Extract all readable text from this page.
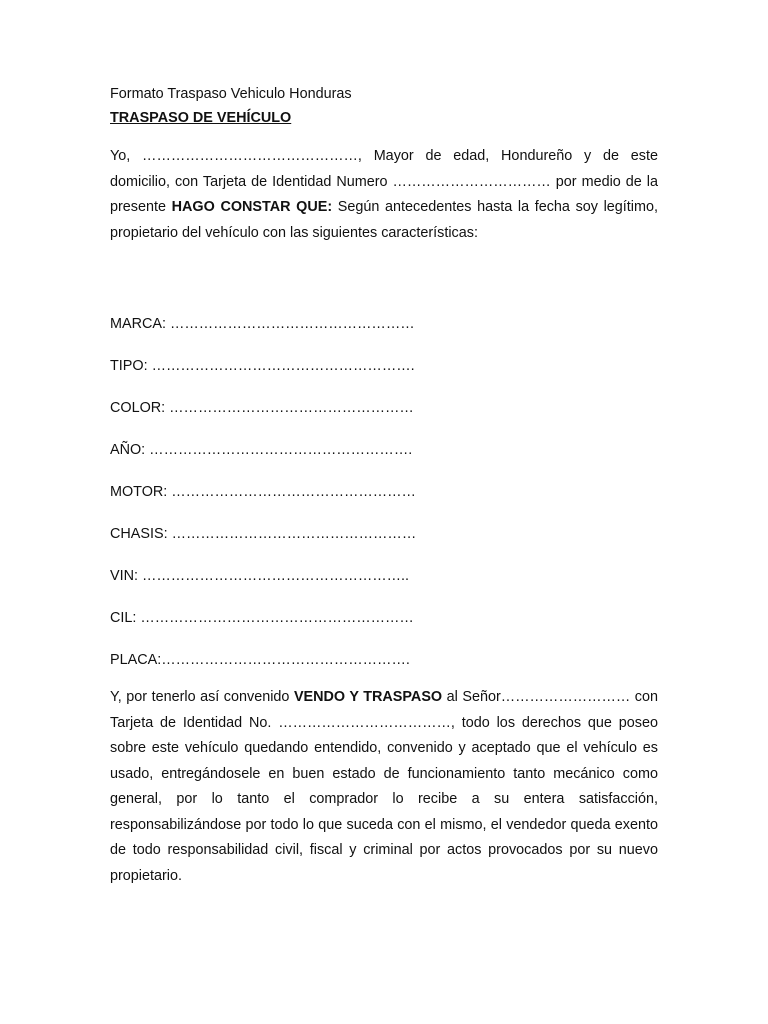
Formato Traspaso Vehiculo Honduras

TRASPASO DE VEHÍCULO

Yo, ………………………………………, Mayor de edad, Hondureño y de este domicilio, con Tarjeta de Identidad Numero …………………………… por medio de la presente HAGO CONSTAR QUE: Según antecedentes hasta la fecha soy legítimo, propietario del vehículo con las siguientes características:

MARCA: ……………………………………………

TIPO: ……………………………………………….

COLOR: ……………………………………………

AÑO: ……………………………………………….

MOTOR: ……………………………………………

CHASIS: ……………………………………………

VIN: ………………………………………………..

CIL: …………………………………………………

PLACA:…………………………………………….

Y, por tenerlo así convenido VENDO Y TRASPASO al Señor……………………… con Tarjeta de Identidad No. ………………………………, todo los derechos que poseo sobre este vehículo quedando entendido, convenido y aceptado que el vehículo es usado, entregándosele en buen estado de funcionamiento tanto mecánico como general, por lo tanto el comprador lo recibe a su entera satisfacción, responsabilizándose por todo lo que suceda con el mismo, el vendedor queda exento de todo responsabilidad civil, fiscal y criminal por actos provocados por su nuevo propietario.
